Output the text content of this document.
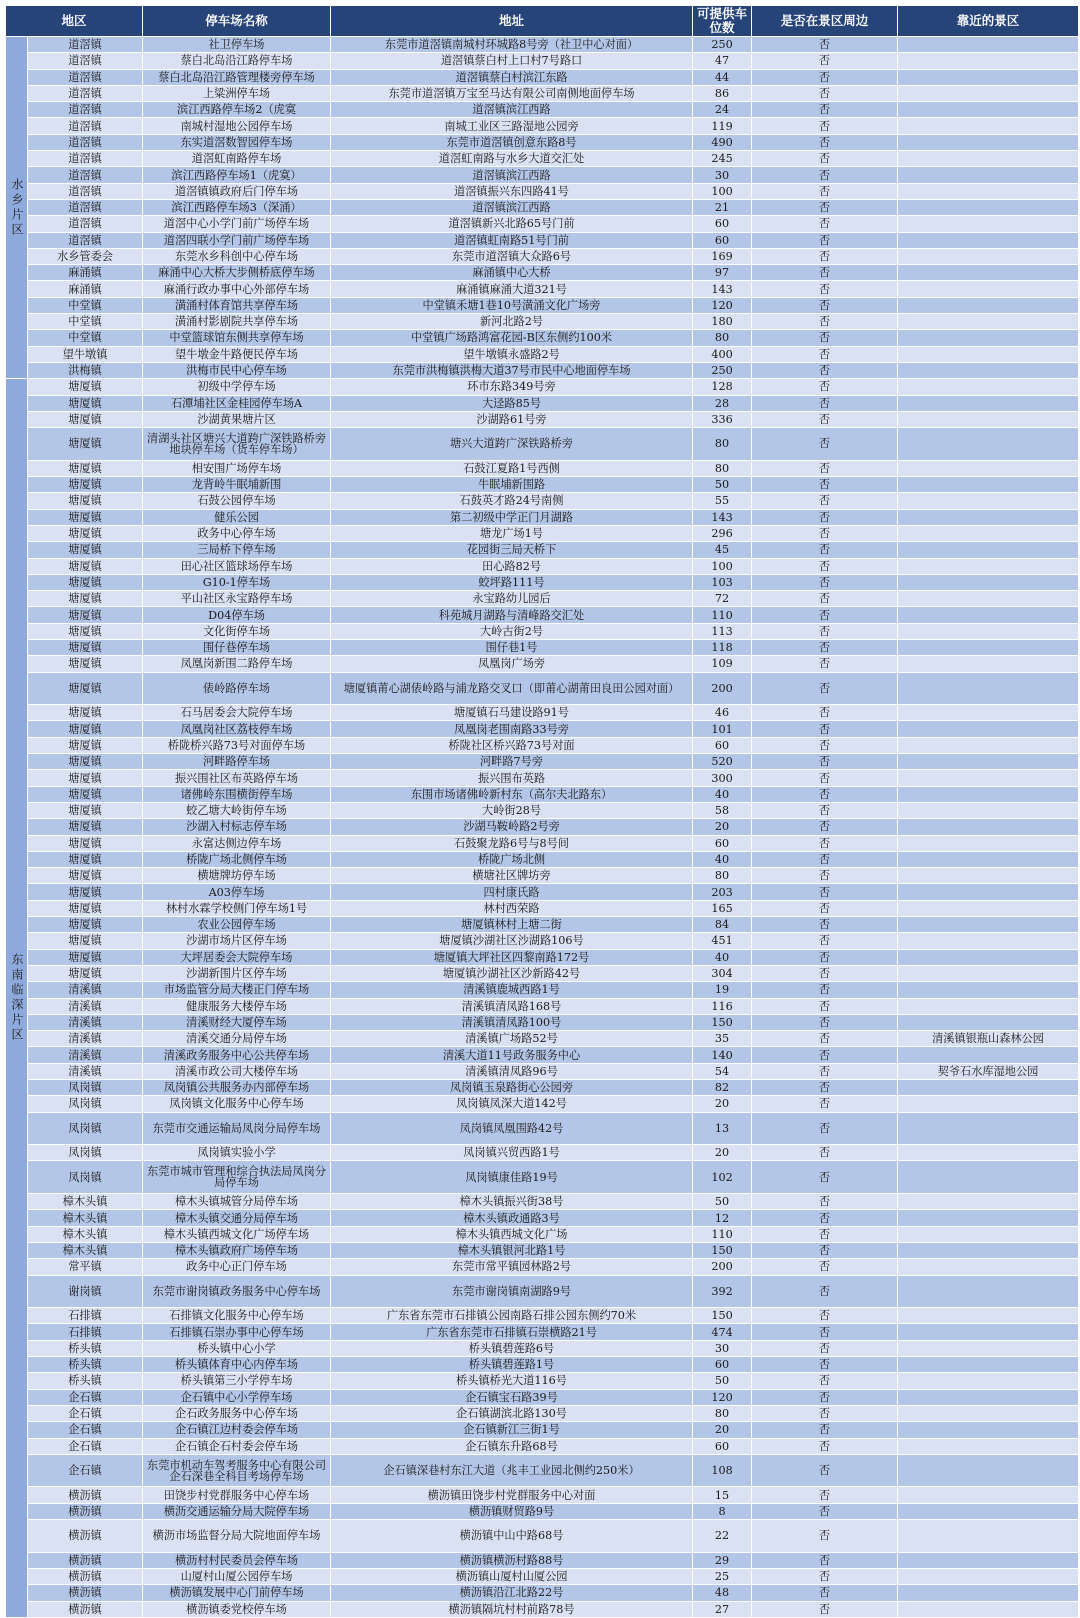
地区		停车场名称	地址	可提供车位数	是否在景区周边	靠近的景区
水乡片区	道滘镇	社卫停车场	东莞市道滘镇南城村环城路8号旁（社卫中心对面）	250	否	
	道滘镇	蔡白北岛沿江路停车场	道滘镇蔡白村上口村7号路口	47	否	
	道滘镇	蔡白北岛沿江路管理楼旁停车场	道滘镇蔡白村滨江东路	44	否	
	道滘镇	上粱洲停车场	东莞市道滘镇万宝至马达有限公司南侧地面停车场	86	否	
	道滘镇	滨江西路停车场2（虎寞	道滘镇滨江西路	24	否	
	道滘镇	南城村湿地公园停车场	南城工业区三路湿地公园旁	119	否	
	道滘镇	东实道滘数智园停车场	东莞市道滘镇创意东路8号	490	否	
	道滘镇	道滘虹南路停车场	道滘虹南路与水乡大道交汇处	245	否	
	道滘镇	滨江西路停车场1（虎寞）	道滘镇滨江西路	30	否	
	道滘镇	道滘镇镇政府后门停车场	道滘镇振兴东四路41号	100	否	
	道滘镇	滨江西路停车场3（深涌）	道滘镇滨江西路	21	否	
	道滘镇	道滘中心小学门前广场停车场	道滘镇新兴北路65号门前	60	否	
	道滘镇	道滘四联小学门前广场停车场	道滘镇虹南路51号门前	60	否	
	水乡管委会	东莞水乡科创中心停车场	东莞市道滘镇大众路6号	169	否	
	麻涌镇	麻涌中心大桥大步侧桥底停车场	麻涌镇中心大桥	97	否	
	麻涌镇	麻涌行政办事中心外部停车场	麻涌镇麻涌大道321号	143	否	
	中堂镇	潢涌村体育馆共享停车场	中堂镇禾塘1巷10号潢涌文化广场旁	120	否	
	中堂镇	潢涌村影剧院共享停车场	新河北路2号	180	否	
	中堂镇	中堂篮球馆东侧共享停车场	中堂镇广场路鸿富花园-B区东侧约100米	80	否	
	望牛墩镇	望牛墩金牛路便民停车场	望牛墩镇永盛路2号	400	否	
	洪梅镇	洪梅市民中心停车场	东莞市洪梅镇洪梅大道37号市民中心地面停车场	250	否	
东南临深片区	塘厦镇	初级中学停车场	环市东路349号旁	128	否	
	塘厦镇	石潭埔社区金桂园停车场A	大迳路85号	28	否	
	塘厦镇	沙湖黄果塘片区	沙湖路61号旁	336	否	
	塘厦镇	清湖头社区塘兴大道跨广深铁路桥旁地块停车场（货车停车场）	塘兴大道跨广深铁路桥旁	80	否	
	塘厦镇	相安围广场停车场	石鼓江夏路1号西侧	80	否	
	塘厦镇	龙背岭牛眠埔新围	牛眠埔新围路	50	否	
	塘厦镇	石鼓公园停车场	石鼓英才路24号南侧	55	否	
	塘厦镇	健乐公园	第二初级中学正门月湖路	143	否	
	塘厦镇	政务中心停车场	塘龙广场1号	296	否	
	塘厦镇	三局桥下停车场	花园街三局天桥下	45	否	
	塘厦镇	田心社区篮球场停车场	田心路82号	100	否	
	塘厦镇	G10-1停车场	蛟坪路111号	103	否	
	塘厦镇	平山社区永宝路停车场	永宝路幼儿园后	72	否	
	塘厦镇	D04停车场	科苑城月湖路与清峰路交汇处	110	否	
	塘厦镇	文化街停车场	大岭古街2号	113	否	
	塘厦镇	围仔巷停车场	围仔巷1号	118	否	
	塘厦镇	凤凰岗新围二路停车场	凤凰岗广场旁	109	否	
	塘厦镇	俵岭路停车场	塘厦镇莆心湖俵岭路与浦龙路交叉口（即莆心湖莆田良田公园对面）	200	否	
	塘厦镇	石马居委会大院停车场	塘厦镇石马建设路91号	46	否	
	塘厦镇	凤凰岗社区荔枝停车场	凤凰岗老围南路33号旁	101	否	
	塘厦镇	桥陇桥兴路73号对面停车场	桥陇社区桥兴路73号对面	60	否	
	塘厦镇	河畔路停车场	河畔路7号旁	520	否	
	塘厦镇	振兴围社区布英路停车场	振兴围布英路	300	否	
	塘厦镇	诸佛岭东围横街停车场	东围市场诸佛岭新村东（高尔夫北路东）	40	否	
	塘厦镇	蛟乙塘大岭街停车场	大岭街28号	58	否	
	塘厦镇	沙湖入村标志停车场	沙湖马鞍岭路2号旁	20	否	
	塘厦镇	永富达侧边停车场	石鼓聚龙路6号与8号间	60	否	
	塘厦镇	桥陇广场北侧停车场	桥陇广场北侧	40	否	
	塘厦镇	横塘牌坊停车场	横塘社区牌坊旁	80	否	
	塘厦镇	A03停车场	四村康氏路	203	否	
	塘厦镇	林村水霖学校侧门停车场1号	林村西荣路	165	否	
	塘厦镇	农业公园停车场	塘厦镇林村上塘二街	84	否	
	塘厦镇	沙湖市场片区停车场	塘厦镇沙湖社区沙湖路106号	451	否	
	塘厦镇	大坪居委会大院停车场	塘厦镇大坪社区四黎南路172号	40	否	
	塘厦镇	沙湖新围片区停车场	塘厦镇沙湖社区沙新路42号	304	否	
	清溪镇	市场监管分局大楼正门停车场	清溪镇鹿城西路1号	19	否	
	清溪镇	健康服务大楼停车场	清溪镇清凤路168号	116	否	
	清溪镇	清溪财经大厦停车场	清溪镇清凤路100号	150	否	
	清溪镇	清溪交通分局停车场	清溪镇广场路52号	35	否	清溪镇银瓶山森林公园
	清溪镇	清溪政务服务中心公共停车场	清溪大道11号政务服务中心	140	否	
	清溪镇	清溪市政公司大楼停车场	清溪镇清凤路96号	54	否	契爷石水库湿地公园
	凤岗镇	凤岗镇公共服务办内部停车场	凤岗镇玉泉路街心公园旁	82	否	
	凤岗镇	凤岗镇文化服务中心停车场	凤岗镇凤深大道142号	20	否	
	凤岗镇	东莞市交通运输局凤岗分局停车场	凤岗镇凤凰围路42号	13	否	
	凤岗镇	凤岗镇实验小学	凤岗镇兴贸西路1号	20	否	
	凤岗镇	东莞市城市管理和综合执法局凤岗分局停车场	凤岗镇康佳路19号	102	否	
	樟木头镇	樟木头镇城管分局停车场	樟木头镇振兴街38号	50	否	
	樟木头镇	樟木头镇交通分局停车场	樟木头镇政通路3号	12	否	
	樟木头镇	樟木头镇西城文化广场停车场	樟木头镇西城文化广场	110	否	
	樟木头镇	樟木头镇政府广场停车场	樟木头镇银河北路1号	150	否	
	常平镇	政务中心正门停车场	东莞市常平镇园林路2号	200	否	
	谢岗镇	东莞市谢岗镇政务服务中心停车场	东莞市谢岗镇南湖路9号	392	否	
	石排镇	石排镇文化服务中心停车场	广东省东莞市石排镇公园南路石排公园东侧约70米	150	否	
	石排镇	石排镇石崇办事中心停车场	广东省东莞市石排镇石崇横路21号	474	否	
	桥头镇	桥头镇中心小学	桥头镇碧莲路6号	30	否	
	桥头镇	桥头镇体育中心内停车场	桥头镇碧莲路1号	60	否	
	桥头镇	桥头镇第三小学停车场	桥头镇桥光大道116号	50	否	
	企石镇	企石镇中心小学停车场	企石镇宝石路39号	120	否	
	企石镇	企石政务服务中心停车场	企石镇湖滨北路130号	80	否	
	企石镇	企石镇江边村委会停车场	企石镇新江三街1号	20	否	
	企石镇	企石镇企石村委会停车场	企石镇东升路68号	60	否	
	企石镇	东莞市机动车驾考服务中心有限公司 企石深巷全科目考场停车场	企石镇深巷村东江大道（兆丰工业园北侧约250米）	108	否	
	横沥镇	田饶步村党群服务中心停车场	横沥镇田饶步村党群服务中心对面	15	否	
	横沥镇	横沥交通运输分局大院停车场	横沥镇财贸路9号	8	否	
	横沥镇	横沥市场监督分局大院地面停车场	横沥镇中山中路68号	22	否	
	横沥镇	横沥村村民委员会停车场	横沥镇横沥村路88号	29	否	
	横沥镇	山厦村山厦公园停车场	横沥镇山厦村山厦公园	25	否	
	横沥镇	横沥镇发展中心门前停车场	横沥镇沿江北路22号	48	否	
	横沥镇	横沥镇委党校停车场	横沥镇隔坑村村前路78号	27	否	
